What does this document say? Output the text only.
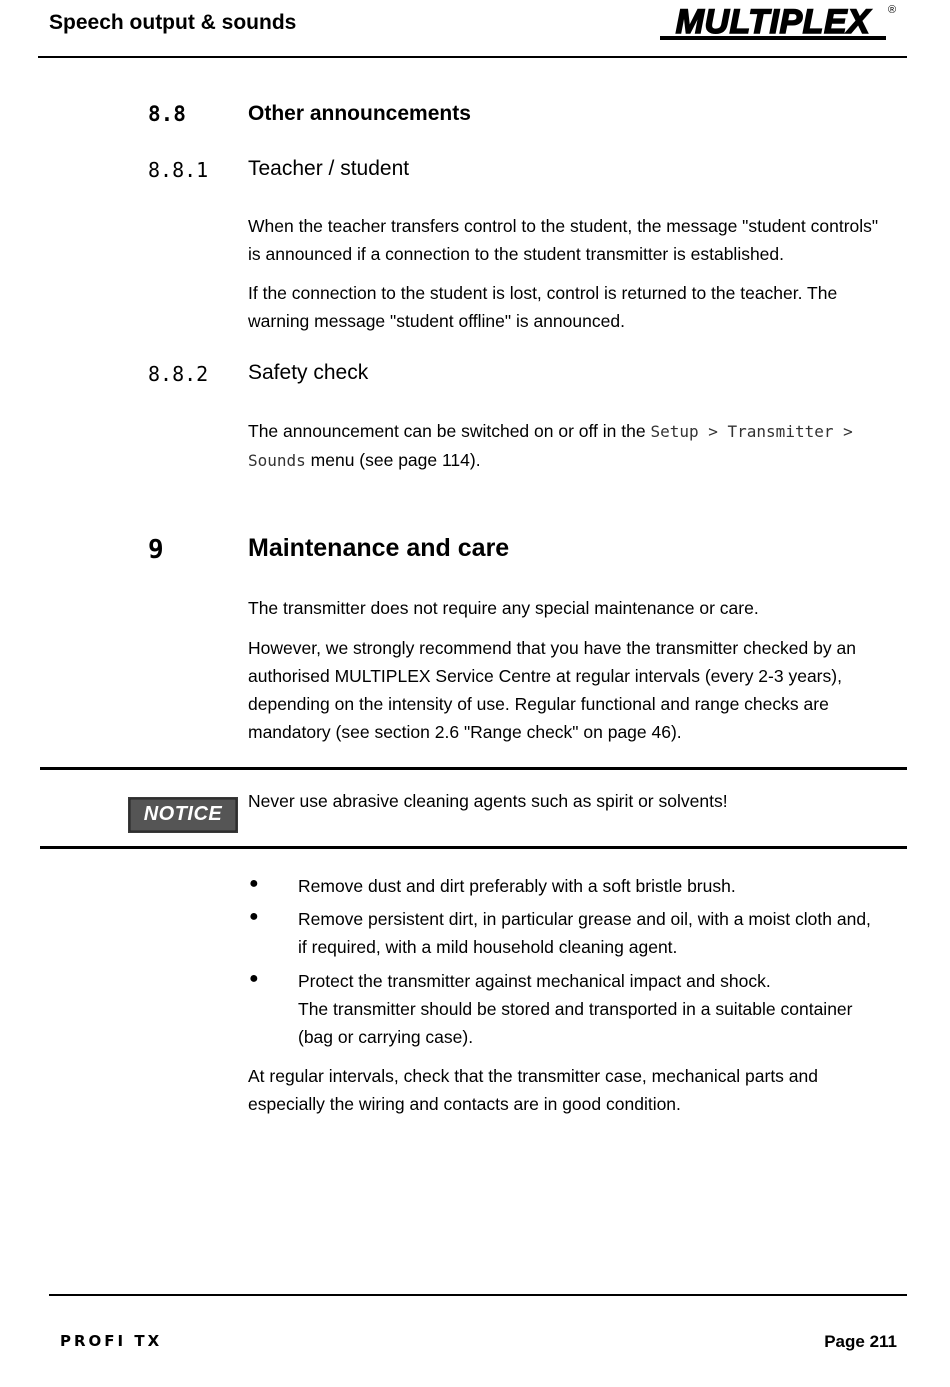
Speech output & sounds	MULTIPLEX ®
8.8	Other announcements
8.8.1 Teacher / student
When the teacher transfers control to the student, the message "student controls"
is announced if a connection to the student transmitter is established.
If the connection to the student is lost, control is returned to the teacher. The
warning message "student offline" is announced.
8.8.2 Safety check
The announcement can be switched on or off in the Setup > Transmitter >
Sounds menu (see page 114).
9	Maintenance and care
The transmitter does not require any special maintenance or care.
However, we strongly recommend that you have the transmitter checked by an
authorised MULTIPLEX Service Centre at regular intervals (every 2-3 years),
depending on the intensity of use. Regular functional and range checks are
mandatory (see section 2.6 "Range check" on page 46).
NOTICE
Never use abrasive cleaning agents such as spirit or solvents!
● Remove dust and dirt preferably with a soft bristle brush.
● Remove persistent dirt, in particular grease and oil, with a moist cloth and,
if required, with a mild household cleaning agent.
● Protect the transmitter against mechanical impact and shock.
The transmitter should be stored and transported in a suitable container
(bag or carrying case).
At regular intervals, check that the transmitter case, mechanical parts and
especially the wiring and contacts are in good condition.
PROFI TX	Page 211
